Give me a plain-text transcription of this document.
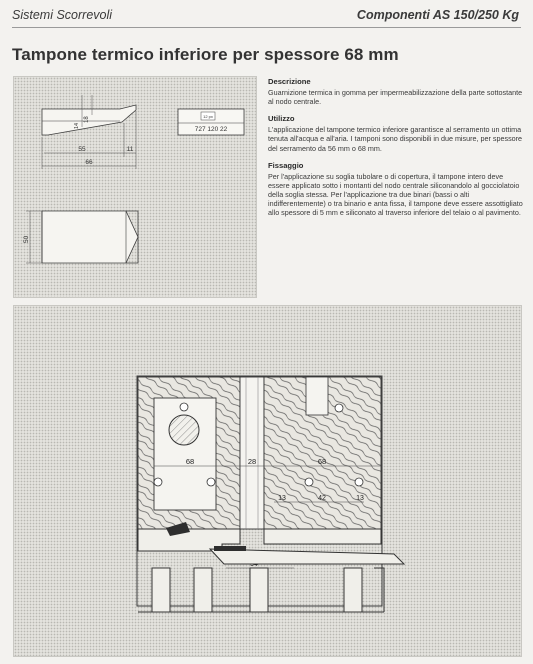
Sistemi Scorrevoli	Componenti AS 150/250 Kg
Tampone termico inferiore per spessore 68 mm
55	11
66
18
14
12 px
727 120 22
50
Descrizione
Guarnizione termica in gomma per impermeabilizzazione della parte sottostante al nodo centrale.
Utilizzo
L'applicazione del tampone termico inferiore garantisce al serramento un ottima tenuta all'acqua e all'aria. I tamponi sono disponibili in due misure, per spessore del serramento da 56 mm o 68 mm.
Fissaggio
Per l'applicazione su soglia tubolare o di copertura, il tampone intero deve essere applicato sotto i montanti del nodo centrale siliconandolo al gocciolatoio della soglia stessa. Per l'applicazione tra due binari (bassi o alti indifferentemente) o tra binario e anta fissa, il tampone deve essere assottigliato allo spessore di 5 mm e siliconato al traverso inferiore del telaio o al pavimento.
68	28	68
13	42	13
